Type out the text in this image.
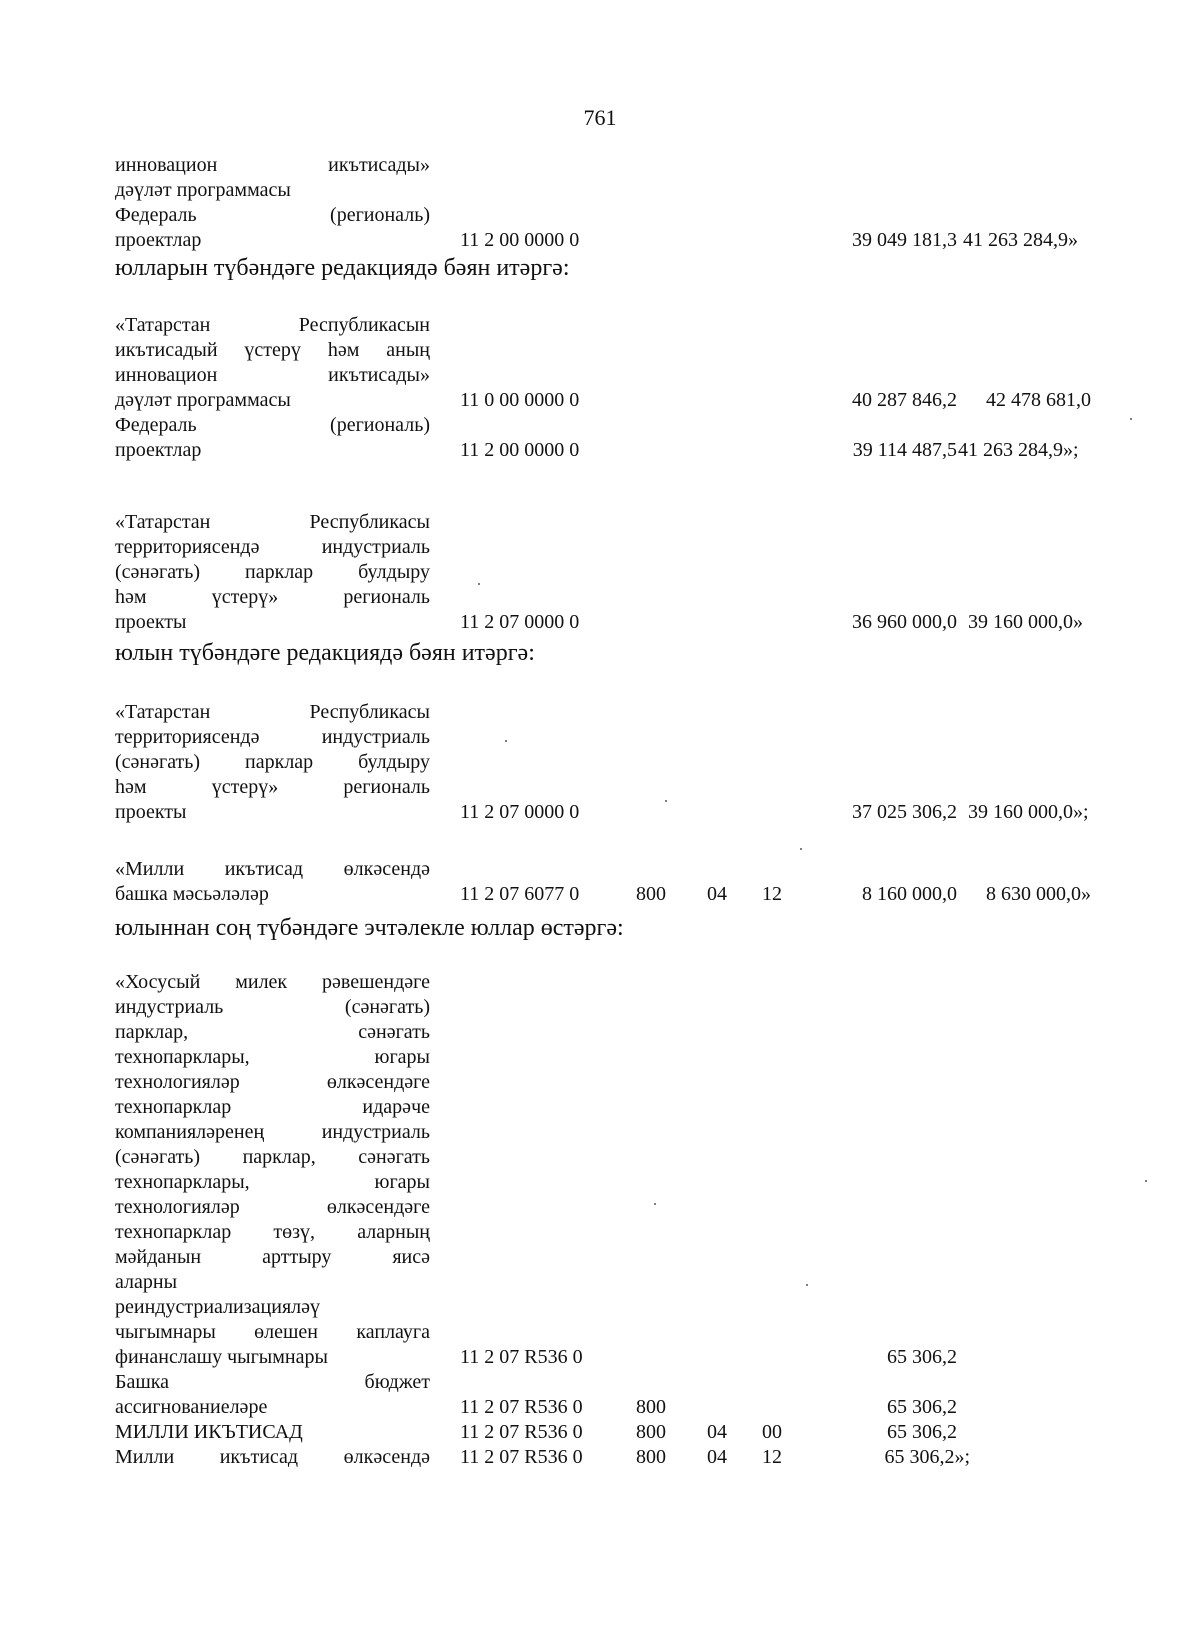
761
инновацион икътисады»
дәүләт программасы
Федераль (региональ)
проектлар	11 2 00 0000 0	39 049 181,3 41 263 284,9»
юлларын түбәндәге редакциядә бәян итәргә:
«Татарстан Республикасын
икътисадый үстерү һәм аның
инновацион икътисады»
дәүләт программасы	11 0 00 0000 0	40 287 846,2 42 478 681,0
Федераль (региональ)
проектлар	11 2 00 0000 0	39 114 487,5 41 263 284,9»;
«Татарстан Республикасы
территориясендә индустриаль
(сәнәгать) парклар булдыру
һәм үстерү» региональ
проекты	11 2 07 0000 0	36 960 000,0 39 160 000,0»
юлын түбәндәге редакциядә бәян итәргә:
«Татарстан Республикасы
территориясендә индустриаль
(сәнәгать) парклар булдыру
һәм үстерү» региональ
проекты	11 2 07 0000 0	37 025 306,2 39 160 000,0»;
«Милли икътисад өлкәсендә
башка мәсьәләләр	11 2 07 6077 0	800 04 12	8 160 000,0 8 630 000,0»
юлыннан соң түбәндәге эчтәлекле юллар өстәргә:
«Хосусый милек рәвешендәге
индустриаль (сәнәгать)
парклар, сәнәгать
технопарклары, югары
технологияләр өлкәсендәге
технопарклар идарәче
компанияләренең индустриаль
(сәнәгать) парклар, сәнәгать
технопарклары, югары
технологияләр өлкәсендәге
технопарклар төзү, аларның
мәйданын арттыру яисә
аларны
реиндустриализацияләү
чыгымнары өлешен каплауга
финанслашу чыгымнары	11 2 07 R536 0	65 306,2
Башка бюджет
ассигнованиеләре	11 2 07 R536 0	800	65 306,2
МИЛЛИ ИКЪТИСАД	11 2 07 R536 0	800 04 00	65 306,2
Милли икътисад өлкәсендә 11 2 07 R536 0	800 04 12	65 306,2»;
